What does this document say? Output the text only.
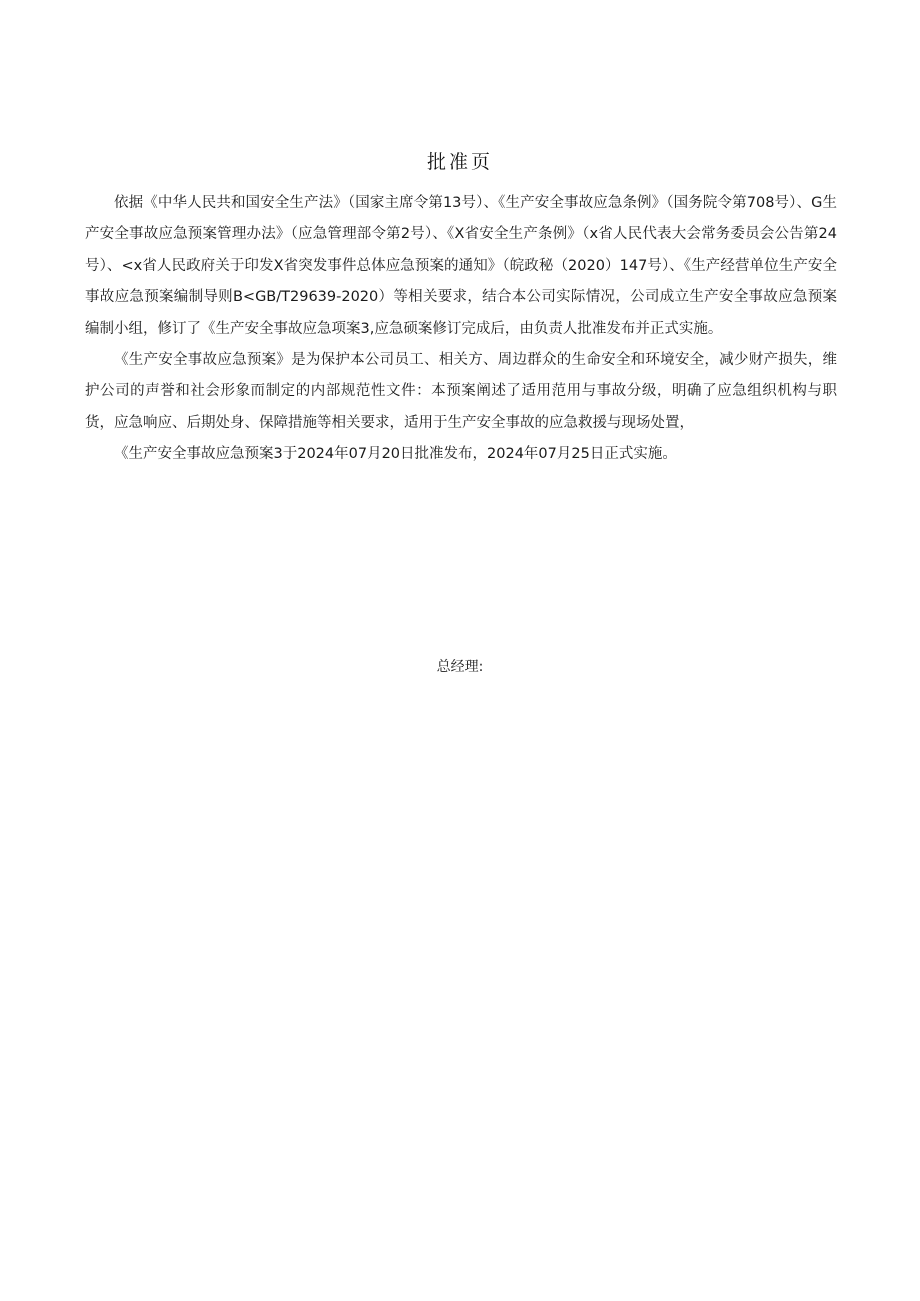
批准页

依据《中华人民共和国安全生产法》（国家主席令第13号）、《生产安全事故应急条例》（国务院令第708号）、G生产安全事故应急预案管理办法》（应急管理部令第2号）、《X省安全生产条例》（x省人民代表大会常务委员会公告第24号）、<x省人民政府关于印发X省突发事件总体应急预案的通知》（皖政秘（2020）147号）、《生产经营单位生产安全事故应急预案编制导则B<GB/T29639-2020）等相关要求，结合本公司实际情况，公司成立生产安全事故应急预案编制小组，修订了《生产安全事故应急项案3,应急硕案修订完成后，由负责人批准发布并正式实施。

《生产安全事故应急预案》是为保护本公司员工、相关方、周边群众的生命安全和环境安全，减少财产损失，维护公司的声誉和社会形象而制定的内部规范性文件：本预案阐述了适用范用与事故分级，明确了应急组织机构与职货，应急响应、后期处身、保障措施等相关要求，适用于生产安全事故的应急救援与现场处置，

《生产安全事故应急预案3于2024年07月20日批准发布，2024年07月25日正式实施。

总经理:
